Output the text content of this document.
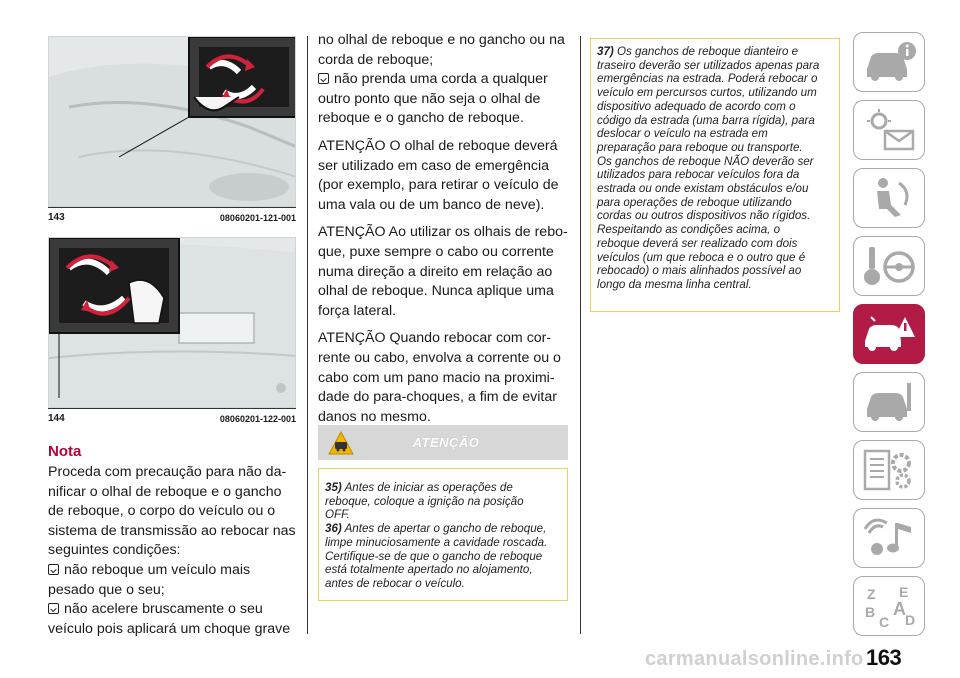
143	08060201-121-001
144	08060201-122-001
Nota
Proceda com precaução para não da-
nificar o olhal de reboque e o gancho
de reboque, o corpo do veículo ou o
sistema de transmissão ao rebocar nas
seguintes condições:
não reboque um veículo mais
pesado que o seu;
não acelere bruscamente o seu
veículo pois aplicará um choque grave

no olhal de reboque e no gancho ou na
corda de reboque;
não prenda uma corda a qualquer
outro ponto que não seja o olhal de
reboque e o gancho de reboque.

ATENÇÃO O olhal de reboque deverá
ser utilizado em caso de emergência
(por exemplo, para retirar o veículo de
uma vala ou de um banco de neve).

ATENÇÃO Ao utilizar os olhais de rebo-
que, puxe sempre o cabo ou corrente
numa direção a direito em relação ao
olhal de reboque. Nunca aplique uma
força lateral.

ATENÇÃO Quando rebocar com cor-
rente ou cabo, envolva a corrente ou o
cabo com um pano macio na proximi-
dade do para-choques, a fim de evitar
danos no mesmo.

ATENÇÃO
35) Antes de iniciar as operações de
reboque, coloque a ignição na posição
OFF.
36) Antes de apertar o gancho de reboque,
limpe minuciosamente a cavidade roscada.
Certifique-se de que o gancho de reboque
está totalmente apertado no alojamento,
antes de rebocar o veículo.
37) Os ganchos de reboque dianteiro e
traseiro deverão ser utilizados apenas para
emergências na estrada. Poderá rebocar o
veículo em percursos curtos, utilizando um
dispositivo adequado de acordo com o
código da estrada (uma barra rígida), para
deslocar o veículo na estrada em
preparação para reboque ou transporte.
Os ganchos de reboque NÃO deverão ser
utilizados para rebocar veículos fora da
estrada ou onde existam obstáculos e/ou
para operações de reboque utilizando
cordas ou outros dispositivos não rígidos.
Respeitando as condições acima, o
reboque deverá ser realizado com dois
veículos (um que reboca e o outro que é
rebocado) o mais alinhados possível ao
longo da mesma linha central.
Z E
B A
C D
carmanualsonline.info 163
